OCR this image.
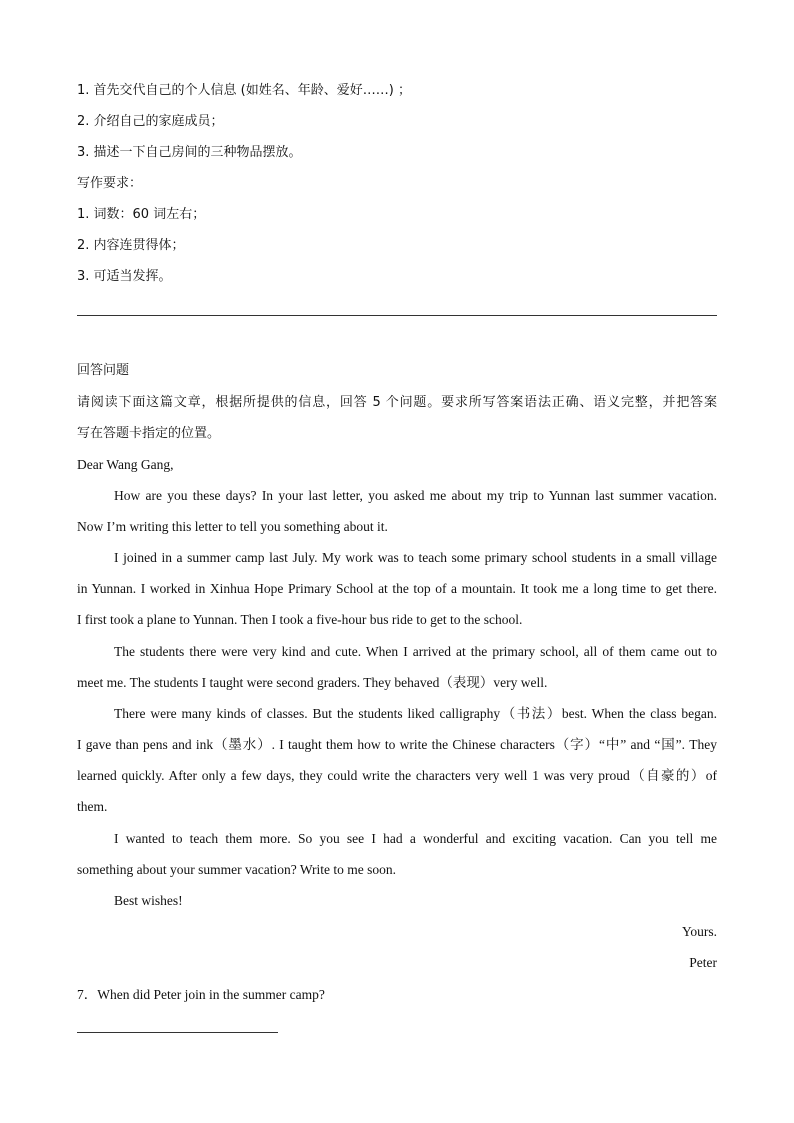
1. 首先交代自己的个人信息 (如姓名、年龄、爱好……) ；
2. 介绍自己的家庭成员；
3. 描述一下自己房间的三种物品摆放。
写作要求：
1. 词数：60 词左右；
2. 内容连贯得体；
3. 可适当发挥。
回答问题
请阅读下面这篇文章，根据所提供的信息，回答 5 个问题。要求所写答案语法正确、语义完整，并把答案
写在答题卡指定的位置。
Dear Wang Gang,
How are you these days? In your last letter, you asked me about my trip to Yunnan last summer vacation.
Now I’m writing this letter to tell you something about it.
I joined in a summer camp last July. My work was to teach some primary school students in a small village
in Yunnan. I worked in Xinhua Hope Primary School at the top of a mountain. It took me a long time to get there.
I first took a plane to Yunnan. Then I took a five-hour bus ride to get to the school.
The students there were very kind and cute. When I arrived at the primary school, all of them came out to
meet me. The students I taught were second graders. They behaved（表现）very well.
There were many kinds of classes. But the students liked calligraphy（书法）best. When the class began.
I gave than pens and ink（墨水）. I taught them how to write the Chinese characters（字）“中” and “国”. They
learned quickly. After only a few days, they could write the characters very well 1 was very proud（自豪的）of
them.
I wanted to teach them more. So you see I had a wonderful and exciting vacation. Can you tell me
something about your summer vacation? Write to me soon.
Best wishes!
Yours.
Peter
7．When did Peter join in the summer camp?
